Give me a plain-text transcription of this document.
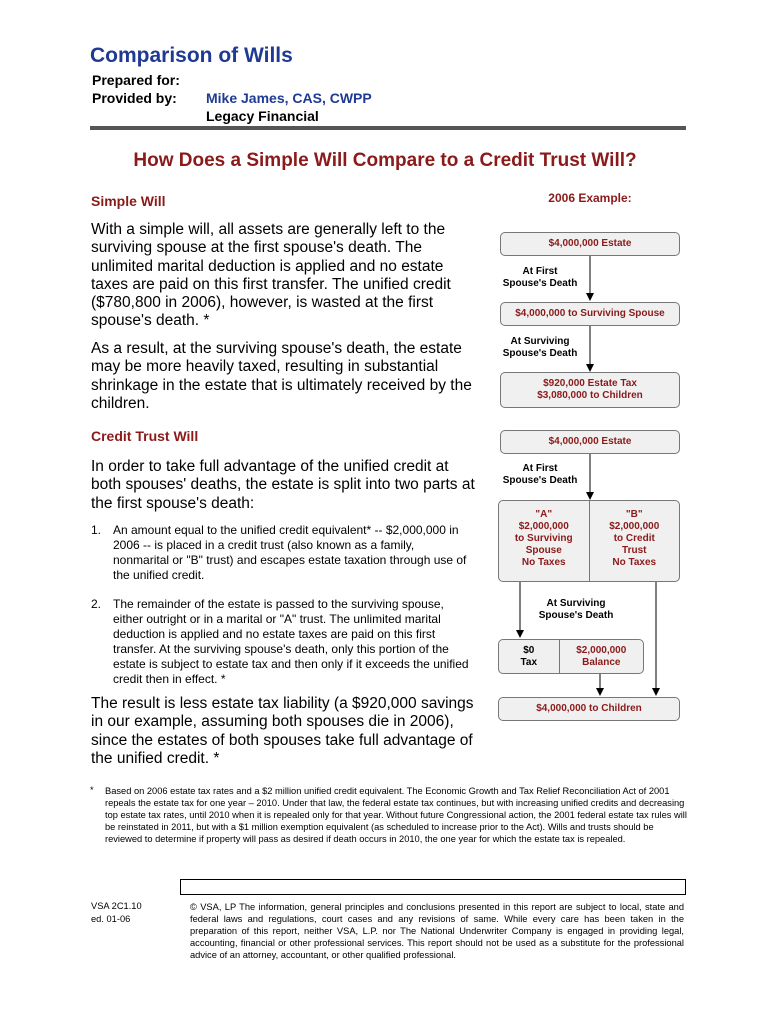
Comparison of Wills
Prepared for:
Provided by: Mike James, CAS, CWPP
Legacy Financial
How Does a Simple Will Compare to a Credit Trust Will?
Simple Will
With a simple will, all assets are generally left to the surviving spouse at the first spouse's death. The unlimited marital deduction is applied and no estate taxes are paid on this first transfer. The unified credit ($780,800 in 2006), however, is wasted at the first spouse's death. *
As a result, at the surviving spouse's death, the estate may be more heavily taxed, resulting in substantial shrinkage in the estate that is ultimately received by the children.
Credit Trust Will
In order to take full advantage of the unified credit at both spouses' deaths, the estate is split into two parts at the first spouse's death:
1. An amount equal to the unified credit equivalent* -- $2,000,000 in 2006 -- is placed in a credit trust (also known as a family, nonmarital or "B" trust) and escapes estate taxation through use of the unified credit.
2. The remainder of the estate is passed to the surviving spouse, either outright or in a marital or "A" trust. The unlimited marital deduction is applied and no estate taxes are paid on this first transfer. At the surviving spouse's death, only this portion of the estate is subject to estate tax and then only if it exceeds the unified credit then in effect. *
The result is less estate tax liability (a $920,000 savings in our example, assuming both spouses die in 2006), since the estates of both spouses take full advantage of the unified credit. *
2006 Example:
$4,000,000 Estate
At First
Spouse's Death
$4,000,000 to Surviving Spouse
At Surviving
Spouse's Death
$920,000 Estate Tax
$3,080,000 to Children
$4,000,000 Estate
At First
Spouse's Death
"A"
$2,000,000
to Surviving
Spouse
No Taxes
"B"
$2,000,000
to Credit
Trust
No Taxes
At Surviving
Spouse's Death
$0
Tax
$2,000,000
Balance
$4,000,000 to Children
* Based on 2006 estate tax rates and a $2 million unified credit equivalent. The Economic Growth and Tax Relief Reconciliation Act of 2001 repeals the estate tax for one year – 2010. Under that law, the federal estate tax continues, but with increasing unified credits and decreasing top estate tax rates, until 2010 when it is repealed only for that year. Without future Congressional action, the 2001 federal estate tax rules will be reinstated in 2011, but with a $1 million exemption equivalent (as scheduled to increase prior to the Act). Wills and trusts should be reviewed to determine if property will pass as desired if death occurs in 2010, the one year for which the estate tax is repealed.
VSA 2C1.10
ed. 01-06
© VSA, LP The information, general principles and conclusions presented in this report are subject to local, state and federal laws and regulations, court cases and any revisions of same. While every care has been taken in the preparation of this report, neither VSA, L.P. nor The National Underwriter Company is engaged in providing legal, accounting, financial or other professional services. This report should not be used as a substitute for the professional advice of an attorney, accountant, or other qualified professional.
